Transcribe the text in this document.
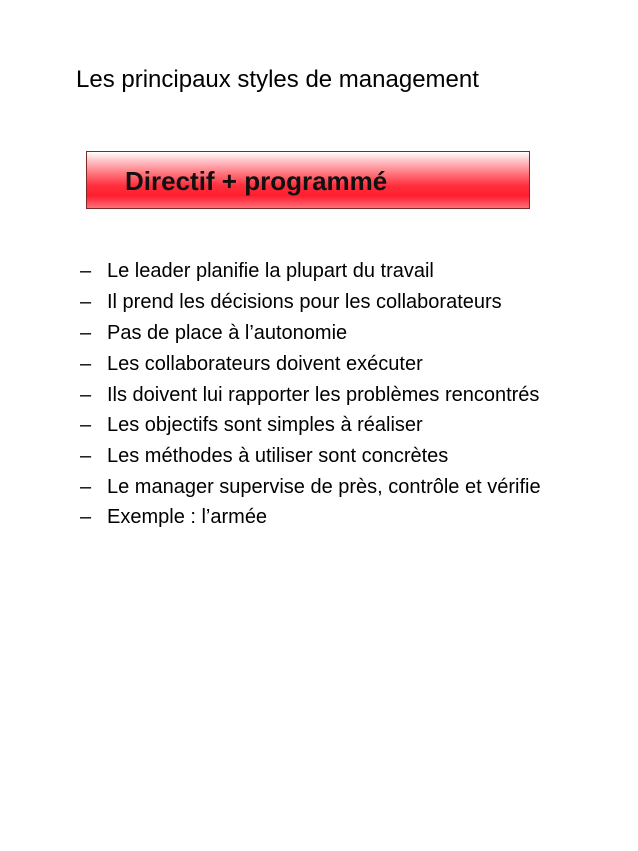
Les principaux styles de management
Directif + programmé
– Le leader planifie la plupart du travail
– Il prend les décisions pour les collaborateurs
– Pas de place à l’autonomie
– Les collaborateurs doivent exécuter
– Ils doivent lui rapporter les problèmes rencontrés
– Les objectifs sont simples à réaliser
– Les méthodes à utiliser sont concrètes
– Le manager supervise de près, contrôle et vérifie
– Exemple : l’armée
